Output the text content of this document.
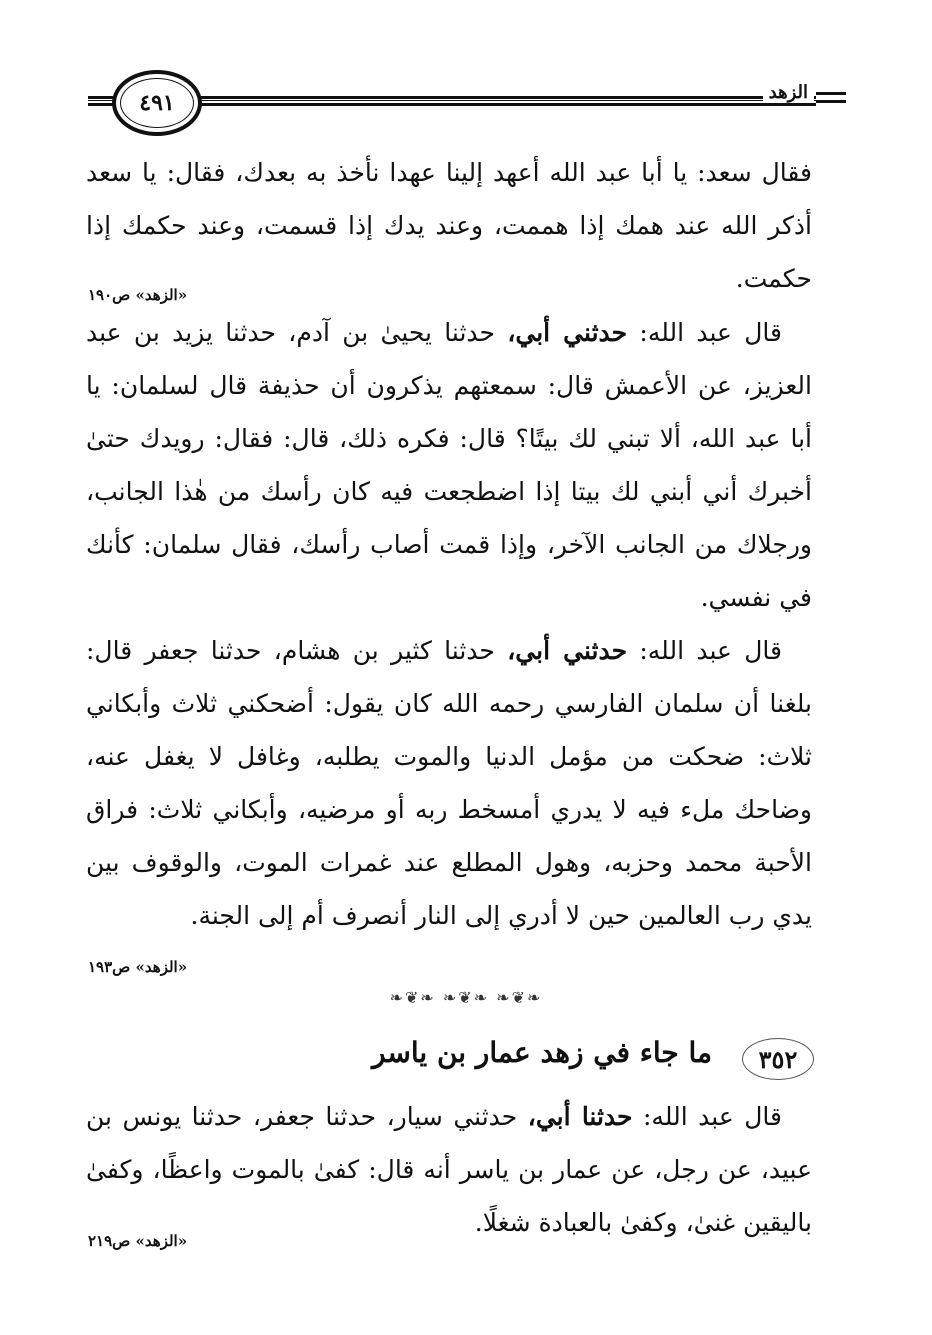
الزهد
٤٩١

فقال سعد: يا أبا عبد الله أعهد إلينا عهدا نأخذ به بعدك، فقال: يا سعد أذكر الله عند همك إذا هممت، وعند يدك إذا قسمت، وعند حكمك إذا حكمت.

«الزهد» ص١٩٠

قال عبد الله: حدثني أبي، حدثنا يحيىٰ بن آدم، حدثنا يزيد بن عبد العزيز، عن الأعمش قال: سمعتهم يذكرون أن حذيفة قال لسلمان: يا أبا عبد الله، ألا تبني لك بيتًا؟ قال: فكره ذلك، قال: فقال: رويدك حتىٰ أخبرك أني أبني لك بيتا إذا اضطجعت فيه كان رأسك من هٰذا الجانب، ورجلاك من الجانب الآخر، وإذا قمت أصاب رأسك، فقال سلمان: كأنك في نفسي.

قال عبد الله: حدثني أبي، حدثنا كثير بن هشام، حدثنا جعفر قال: بلغنا أن سلمان الفارسي رحمه الله كان يقول: أضحكني ثلاث وأبكاني ثلاث: ضحكت من مؤمل الدنيا والموت يطلبه، وغافل لا يغفل عنه، وضاحك ملء فيه لا يدري أمسخط ربه أو مرضيه، وأبكاني ثلاث: فراق الأحبة محمد وحزبه، وهول المطلع عند غمرات الموت، والوقوف بين يدي رب العالمين حين لا أدري إلى النار أنصرف أم إلى الجنة.

«الزهد» ص١٩٣
❧❦❧ ❧❦❧ ❧❦❧
٣٥٢
ما جاء في زهد عمار بن ياسر

قال عبد الله: حدثنا أبي، حدثني سيار، حدثنا جعفر، حدثنا يونس بن عبيد، عن رجل، عن عمار بن ياسر أنه قال: كفىٰ بالموت واعظًا، وكفىٰ باليقين غنىٰ، وكفىٰ بالعبادة شغلًا.

«الزهد» ص٢١٩
